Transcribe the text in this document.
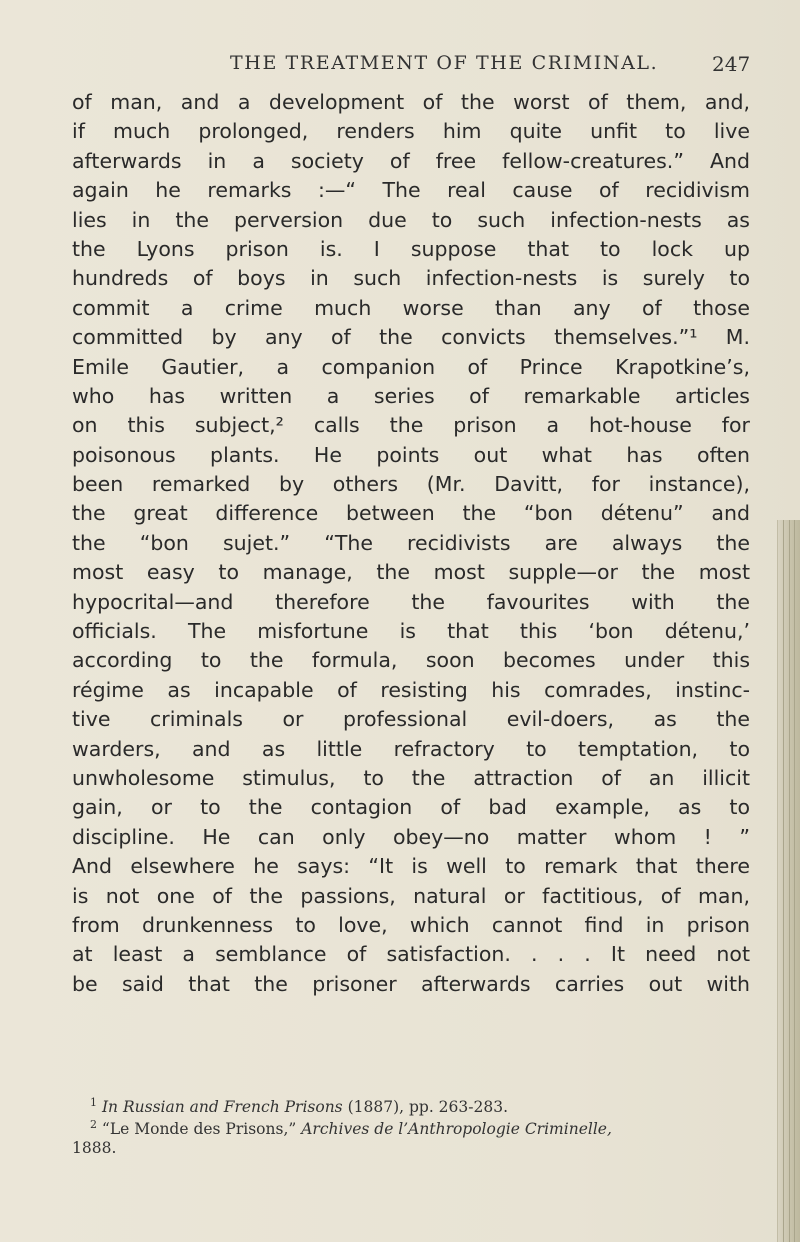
THE TREATMENT OF THE CRIMINAL.	247
of man, and a development of the worst of them, and,
if much prolonged, renders him quite unfit to live
afterwards in a society of free fellow-creatures.” And
again he remarks :—“ The real cause of recidivism
lies in the perversion due to such infection-nests as
the Lyons prison is. I suppose that to lock up
hundreds of boys in such infection-nests is surely to
commit a crime much worse than any of those
committed by any of the convicts themselves.”¹ M.
Emile Gautier, a companion of Prince Krapotkine’s,
who has written a series of remarkable articles
on this subject,² calls the prison a hot-house for
poisonous plants. He points out what has often
been remarked by others (Mr. Davitt, for instance),
the great difference between the “bon détenu” and
the “bon sujet.” “The recidivists are always the
most easy to manage, the most supple—or the most
hypocrital—and therefore the favourites with the
officials. The misfortune is that this ‘bon détenu,’
according to the formula, soon becomes under this
régime as incapable of resisting his comrades, instinc-
tive criminals or professional evil-doers, as the
warders, and as little refractory to temptation, to
unwholesome stimulus, to the attraction of an illicit
gain, or to the contagion of bad example, as to
discipline. He can only obey—no matter whom ! ”
And elsewhere he says: “It is well to remark that there
is not one of the passions, natural or factitious, of man,
from drunkenness to love, which cannot find in prison
at least a semblance of satisfaction. . . . It need not
be said that the prisoner afterwards carries out with
$^1$ In Russian and French Prisons (1887), pp. 263-283.
$^2$ “Le Monde des Prisons,” Archives de l’Anthropologie Criminelle,
1888.
